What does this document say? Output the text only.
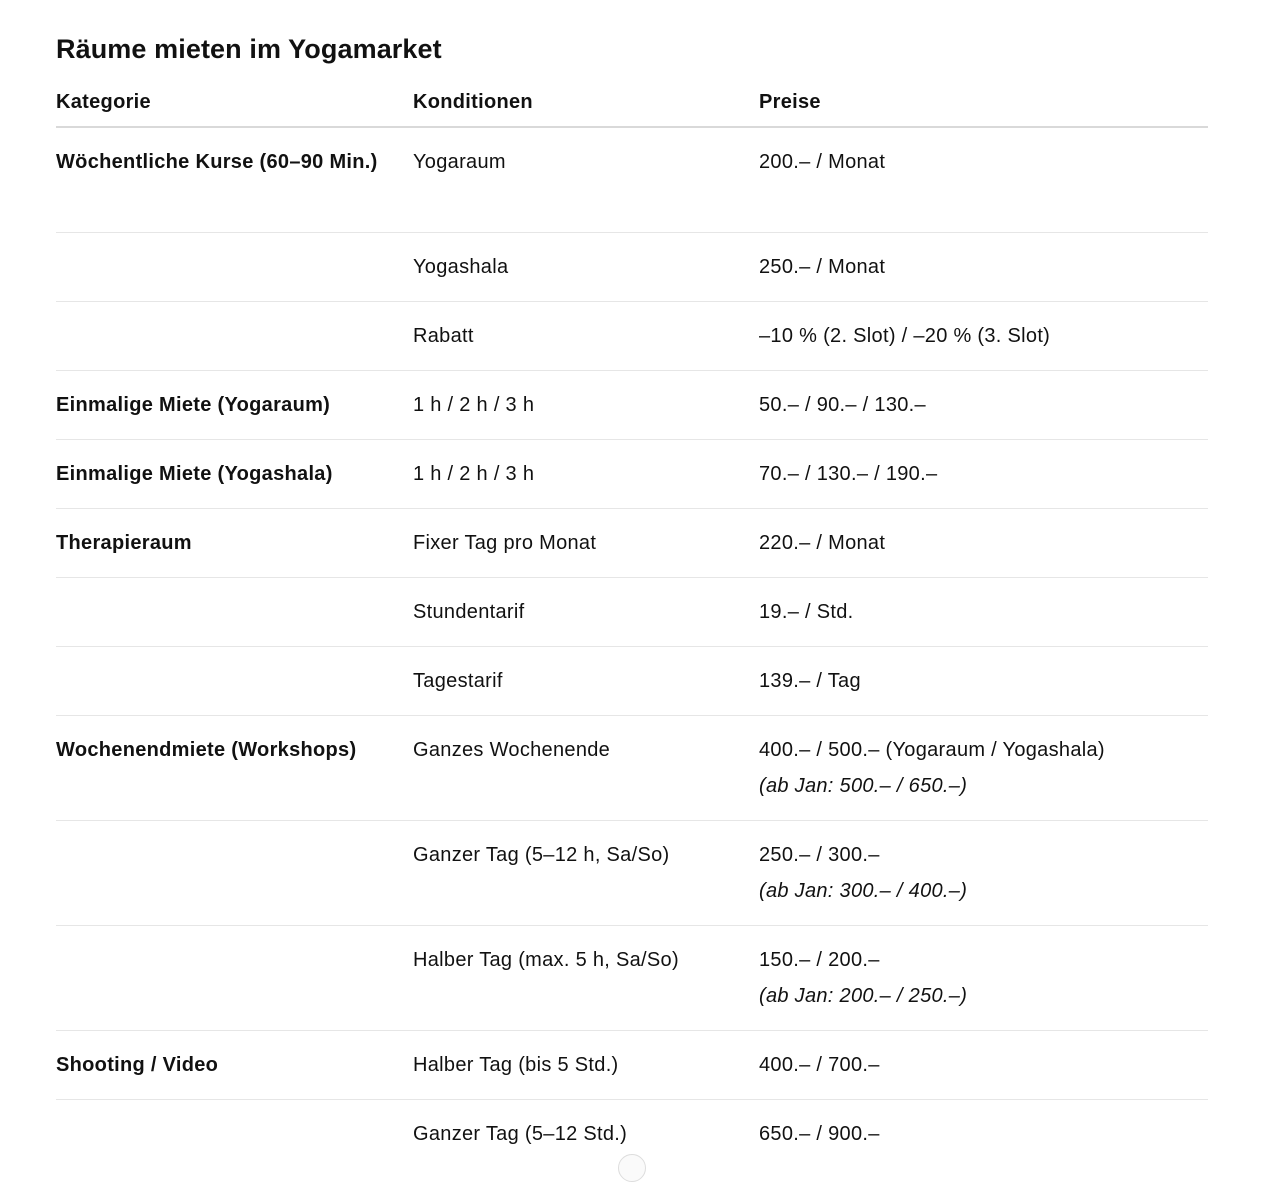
Räume mieten im Yogamarket
Kategorie	Konditionen	Preise
Wöchentliche Kurse (60–90 Min.)	Yogaraum	200.– / Monat
	Yogashala	250.– / Monat
	Rabatt	–10 % (2. Slot) / –20 % (3. Slot)
Einmalige Miete (Yogaraum)	1 h / 2 h / 3 h	50.– / 90.– / 130.–
Einmalige Miete (Yogashala)	1 h / 2 h / 3 h	70.– / 130.– / 190.–
Therapieraum	Fixer Tag pro Monat	220.– / Monat
	Stundentarif	19.– / Std.
	Tagestarif	139.– / Tag
Wochenendmiete (Workshops)	Ganzes Wochenende	400.– / 500.– (Yogaraum / Yogashala)
(ab Jan: 500.– / 650.–)

	Ganzer Tag (5–12 h, Sa/So)	250.– / 300.–
(ab Jan: 300.– / 400.–)

	Halber Tag (max. 5 h, Sa/So)	150.– / 200.–
(ab Jan: 200.– / 250.–)

Shooting / Video	Halber Tag (bis 5 Std.)	400.– / 700.–
	Ganzer Tag (5–12 Std.)	650.– / 900.–
